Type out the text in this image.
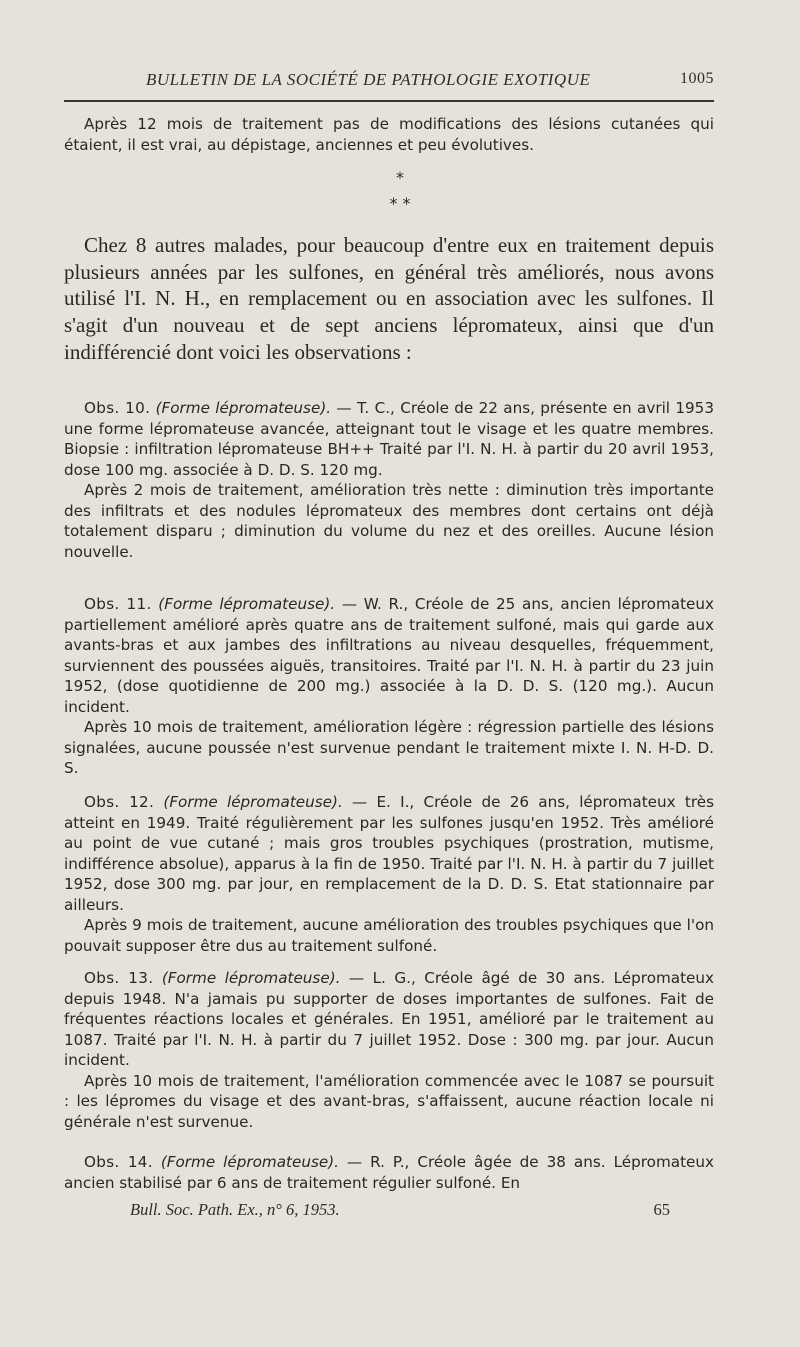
BULLETIN DE LA SOCIÉTÉ DE PATHOLOGIE EXOTIQUE	1005

Après 12 mois de traitement pas de modifications des lésions cutanées qui étaient, il est vrai, au dépistage, anciennes et peu évolutives.

*
* *

Chez 8 autres malades, pour beaucoup d'entre eux en traitement depuis plusieurs années par les sulfones, en général très améliorés, nous avons utilisé l'I. N. H., en remplacement ou en association avec les sulfones. Il s'agit d'un nouveau et de sept anciens lépromateux, ainsi que d'un indifférencié dont voici les observations :

Obs. 10. (Forme lépromateuse). — T. C., Créole de 22 ans, présente en avril 1953 une forme lépromateuse avancée, atteignant tout le visage et les quatre membres. Biopsie : infiltration lépromateuse BH++ Traité par l'I. N. H. à partir du 20 avril 1953, dose 100 mg. associée à D. D. S. 120 mg.

Après 2 mois de traitement, amélioration très nette : diminution très importante des infiltrats et des nodules lépromateux des membres dont certains ont déjà totalement disparu ; diminution du volume du nez et des oreilles. Aucune lésion nouvelle.

Obs. 11. (Forme lépromateuse). — W. R., Créole de 25 ans, ancien lépromateux partiellement amélioré après quatre ans de traitement sulfoné, mais qui garde aux avants-bras et aux jambes des infiltrations au niveau desquelles, fréquemment, surviennent des poussées aiguës, transitoires. Traité par l'I. N. H. à partir du 23 juin 1952, (dose quotidienne de 200 mg.) associée à la D. D. S. (120 mg.). Aucun incident.

Après 10 mois de traitement, amélioration légère : régression partielle des lésions signalées, aucune poussée n'est survenue pendant le traitement mixte I. N. H-D. D. S.

Obs. 12. (Forme lépromateuse). — E. I., Créole de 26 ans, lépromateux très atteint en 1949. Traité régulièrement par les sulfones jusqu'en 1952. Très amélioré au point de vue cutané ; mais gros troubles psychiques (prostration, mutisme, indifférence absolue), apparus à la fin de 1950. Traité par l'I. N. H. à partir du 7 juillet 1952, dose 300 mg. par jour, en remplacement de la D. D. S. Etat stationnaire par ailleurs.

Après 9 mois de traitement, aucune amélioration des troubles psychiques que l'on pouvait supposer être dus au traitement sulfoné.

Obs. 13. (Forme lépromateuse). — L. G., Créole âgé de 30 ans. Lépromateux depuis 1948. N'a jamais pu supporter de doses importantes de sulfones. Fait de fréquentes réactions locales et générales. En 1951, amélioré par le traitement au 1087. Traité par l'I. N. H. à partir du 7 juillet 1952. Dose : 300 mg. par jour. Aucun incident.

Après 10 mois de traitement, l'amélioration commencée avec le 1087 se poursuit : les lépromes du visage et des avant-bras, s'affaissent, aucune réaction locale ni générale n'est survenue.

Obs. 14. (Forme lépromateuse). — R. P., Créole âgée de 38 ans. Lépromateux ancien stabilisé par 6 ans de traitement régulier sulfoné. En

Bull. Soc. Path. Ex., n° 6, 1953.	65
